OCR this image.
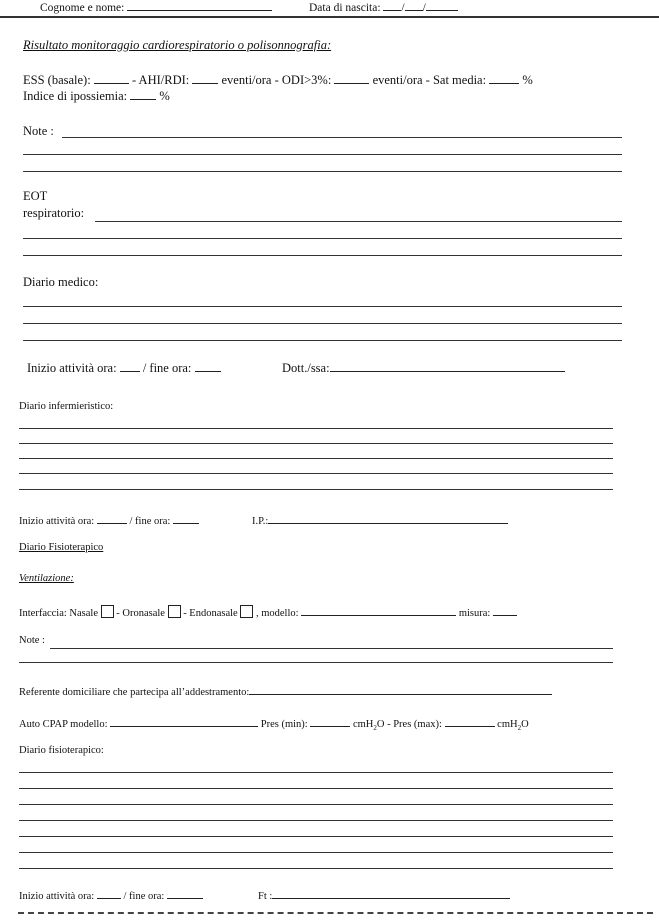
Cognome e nome:	Data di nascita: / /
Risultato monitoraggio cardiorespiratorio o polisonnografia:
ESS (basale):	- AHI/RDI:	eventi/ora - ODI>3%:	eventi/ora - Sat media:	%
Indice di ipossiemia:	%
Note :
EOT
respiratorio:
Diario medico:
Inizio attività ora: / fine ora:	Dott./ssa:
Diario infermieristico:
Inizio attività ora:	/ fine ora:	I.P.:
Diario Fisioterapico
Ventilazione:
Interfaccia: Nasale - Oronasale - Endonasale , modello:	misura:
Note :
Referente domiciliare che partecipa all’addestramento:
Auto CPAP modello:	Pres (min):	cmH$_2$O - Pres (max):	cmH$_2$O
Diario fisioterapico:
Inizio attività ora:	/ fine ora:	Ft :
